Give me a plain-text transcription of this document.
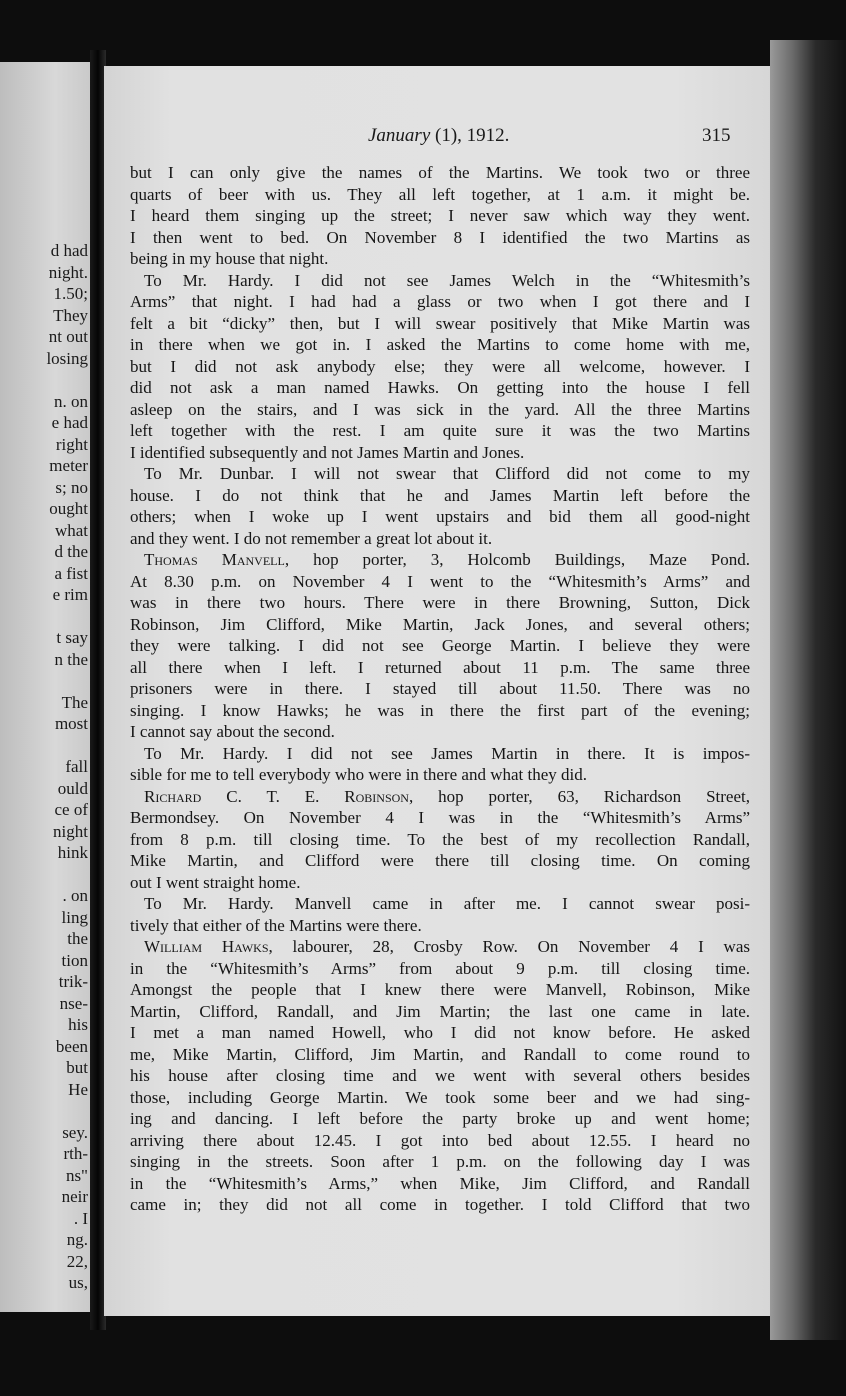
d had
night.
1.50;
They
nt out
losing
n. on
e had
right
meter
s; no
ought
what
d the
a fist
e rim
t say
n the
The
most
fall
ould
ce of
night
hink
. on
ling
the
tion
trik-
nse-
his
been
but
He
sey.
rth-
ns"
neir
. I
ng.
22,
us,
January (1), 1912.	315
but I can only give the names of the Martins. We took two or three
quarts of beer with us. They all left together, at 1 a.m. it might be.
I heard them singing up the street; I never saw which way they went.
I then went to bed. On November 8 I identified the two Martins as
being in my house that night.
To Mr. Hardy. I did not see James Welch in the “Whitesmith’s
Arms” that night. I had had a glass or two when I got there and I
felt a bit “dicky” then, but I will swear positively that Mike Martin was
in there when we got in. I asked the Martins to come home with me,
but I did not ask anybody else; they were all welcome, however. I
did not ask a man named Hawks. On getting into the house I fell
asleep on the stairs, and I was sick in the yard. All the three Martins
left together with the rest. I am quite sure it was the two Martins
I identified subsequently and not James Martin and Jones.
To Mr. Dunbar. I will not swear that Clifford did not come to my
house. I do not think that he and James Martin left before the
others; when I woke up I went upstairs and bid them all good-night
and they went. I do not remember a great lot about it.
Thomas Manvell, hop porter, 3, Holcomb Buildings, Maze Pond.
At 8.30 p.m. on November 4 I went to the “Whitesmith’s Arms” and
was in there two hours. There were in there Browning, Sutton, Dick
Robinson, Jim Clifford, Mike Martin, Jack Jones, and several others;
they were talking. I did not see George Martin. I believe they were
all there when I left. I returned about 11 p.m. The same three
prisoners were in there. I stayed till about 11.50. There was no
singing. I know Hawks; he was in there the first part of the evening;
I cannot say about the second.
To Mr. Hardy. I did not see James Martin in there. It is impos-
sible for me to tell everybody who were in there and what they did.
Richard C. T. E. Robinson, hop porter, 63, Richardson Street,
Bermondsey. On November 4 I was in the “Whitesmith’s Arms”
from 8 p.m. till closing time. To the best of my recollection Randall,
Mike Martin, and Clifford were there till closing time. On coming
out I went straight home.
To Mr. Hardy. Manvell came in after me. I cannot swear posi-
tively that either of the Martins were there.
William Hawks, labourer, 28, Crosby Row. On November 4 I was
in the “Whitesmith’s Arms” from about 9 p.m. till closing time.
Amongst the people that I knew there were Manvell, Robinson, Mike
Martin, Clifford, Randall, and Jim Martin; the last one came in late.
I met a man named Howell, who I did not know before. He asked
me, Mike Martin, Clifford, Jim Martin, and Randall to come round to
his house after closing time and we went with several others besides
those, including George Martin. We took some beer and we had sing-
ing and dancing. I left before the party broke up and went home;
arriving there about 12.45. I got into bed about 12.55. I heard no
singing in the streets. Soon after 1 p.m. on the following day I was
in the “Whitesmith’s Arms,” when Mike, Jim Clifford, and Randall
came in; they did not all come in together. I told Clifford that two
